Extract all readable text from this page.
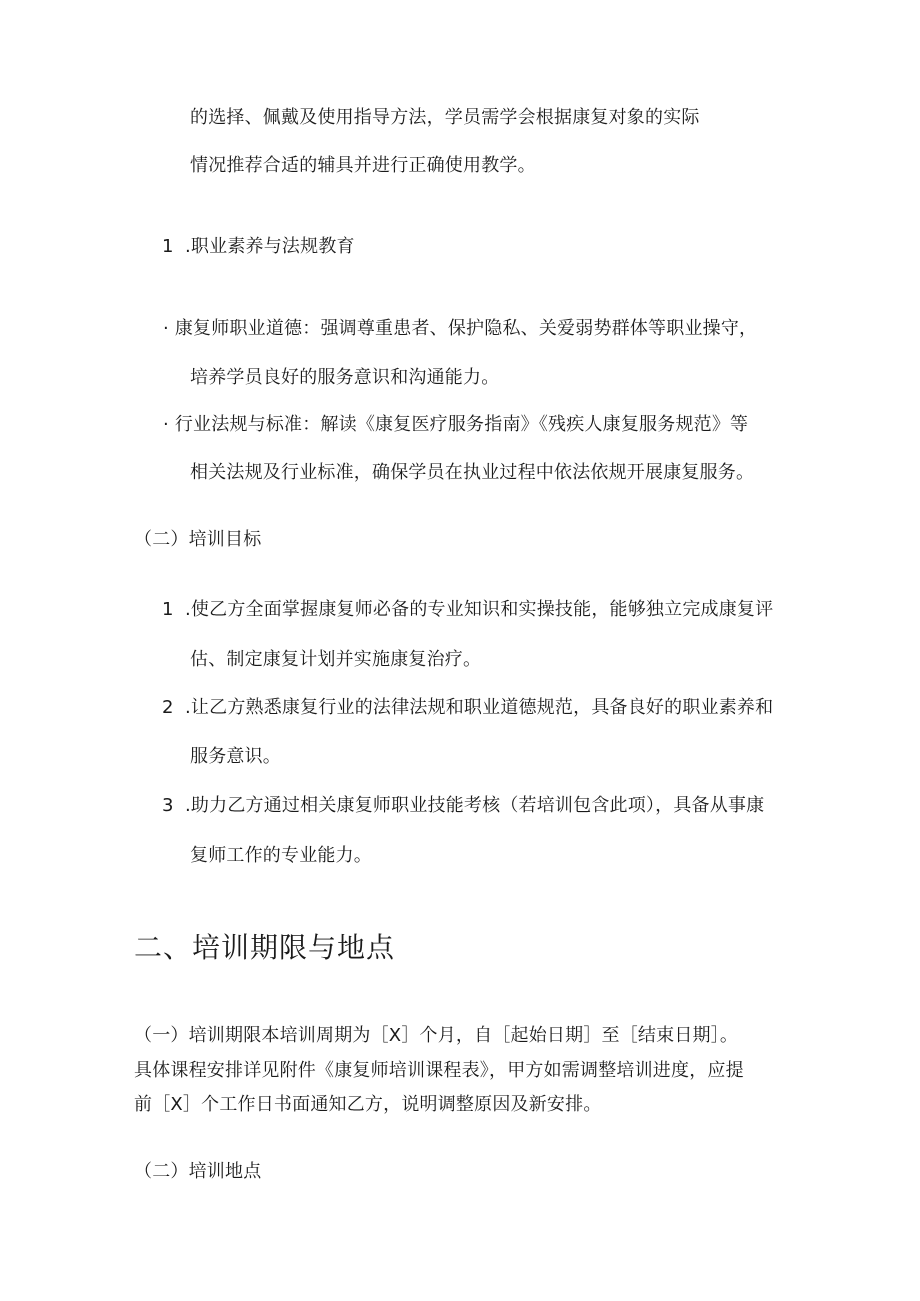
的选择、佩戴及使用指导方法，学员需学会根据康复对象的实际
情况推荐合适的辅具并进行正确使用教学。
1 .职业素养与法规教育
· 康复师职业道德：强调尊重患者、保护隐私、关爱弱势群体等职业操守，
培养学员良好的服务意识和沟通能力。
· 行业法规与标准：解读《康复医疗服务指南》《残疾人康复服务规范》等
相关法规及行业标准，确保学员在执业过程中依法依规开展康复服务。
（二）培训目标
1 .使乙方全面掌握康复师必备的专业知识和实操技能，能够独立完成康复评
估、制定康复计划并实施康复治疗。
2 .让乙方熟悉康复行业的法律法规和职业道德规范，具备良好的职业素养和
服务意识。
3 .助力乙方通过相关康复师职业技能考核（若培训包含此项），具备从事康
复师工作的专业能力。
二、培训期限与地点
（一）培训期限本培训周期为［X］个月，自［起始日期］至［结束日期］。
具体课程安排详见附件《康复师培训课程表》，甲方如需调整培训进度，应提
前［X］个工作日书面通知乙方，说明调整原因及新安排。
（二）培训地点
